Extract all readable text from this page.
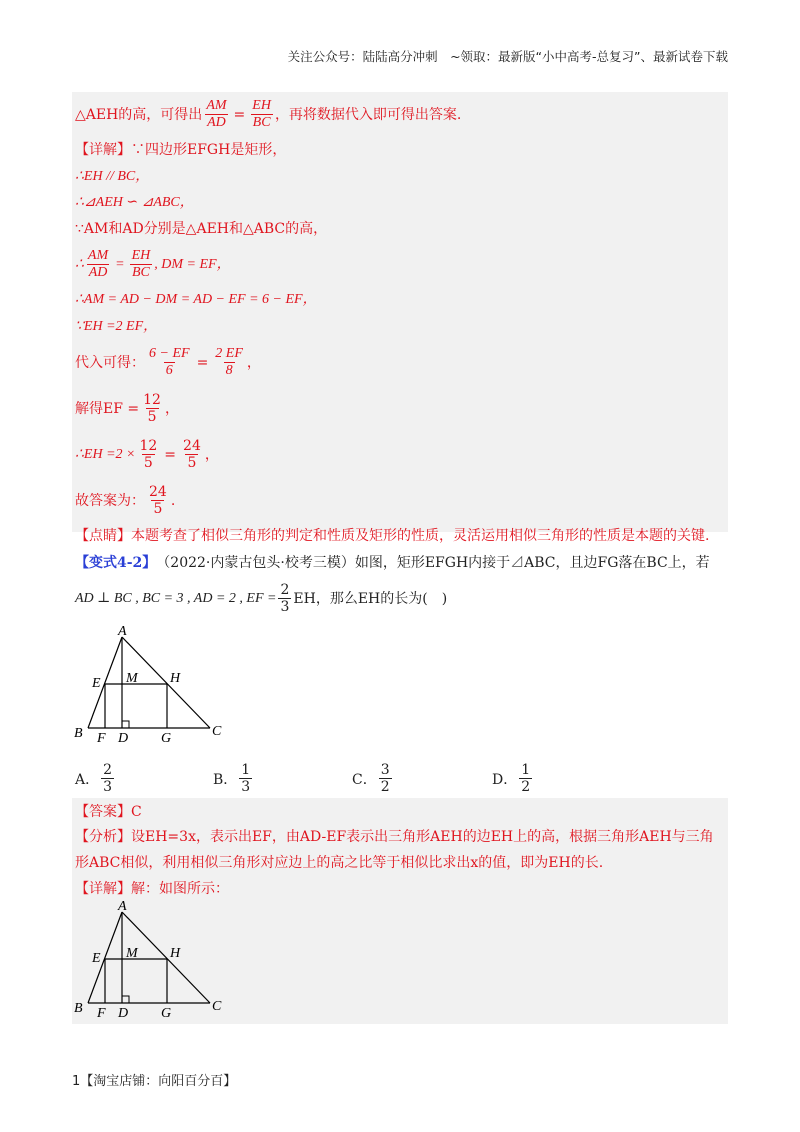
关注公众号：陆陆高分冲刺　~领取：最新版“小中高考-总复习”、最新试卷下载
△AEH的高，可得出 $\frac{AM}{AD} = \frac{EH}{BC}$ ，再将数据代入即可得出答案.
【详解】 ∵四边形EFGH是矩形，
∴EH // BC，
∴⊿AEH ∽ ⊿ABC，
∵AM和AD分别是△AEH和△ABC的高，
∴ $\frac{AM}{AD} = \frac{EH}{BC}$ , DM = EF，
∴AM = AD − DM = AD − EF = 6 − EF，
∵EH =2 EF，
代入可得： $\frac{6 - EF}{6} = \frac{2 EF}{8}$ ，
解得EF = $\frac{12}{5}$ ，
∴EH $=2 \times \frac{12}{5} = \frac{24}{5}$ ，
故答案为： $\frac{24}{5}$ .
【点睛】 本题考查了相似三角形的判定和性质及矩形的性质，灵活运用相似三角形的性质是本题的关键.
【变式4-2】 （2022·内蒙古包头·校考三模）如图，矩形EFGH内接于⊿ABC，且边FG落在BC上，若
AD ⊥ BC , BC = 3 , AD = 2 , EF = $\frac{2}{3}$ EH，那么EH的长为(　)
A
E M H
B F D G	C
A． $\frac{2}{3}$	B． $\frac{1}{3}$	C． $\frac{3}{2}$	D． $\frac{1}{2}$
【答案】 C
【分析】设EH=3x，表示出EF，由AD-EF表示出三角形AEH的边EH上的高，根据三角形AEH与三角形ABC相似，利用相似三角形对应边上的高之比等于相似比求出x的值，即为EH的长.
【详解】 解：如图所示：
A
E M H
B F D G	C
1【淘宝店铺：向阳百分百】
